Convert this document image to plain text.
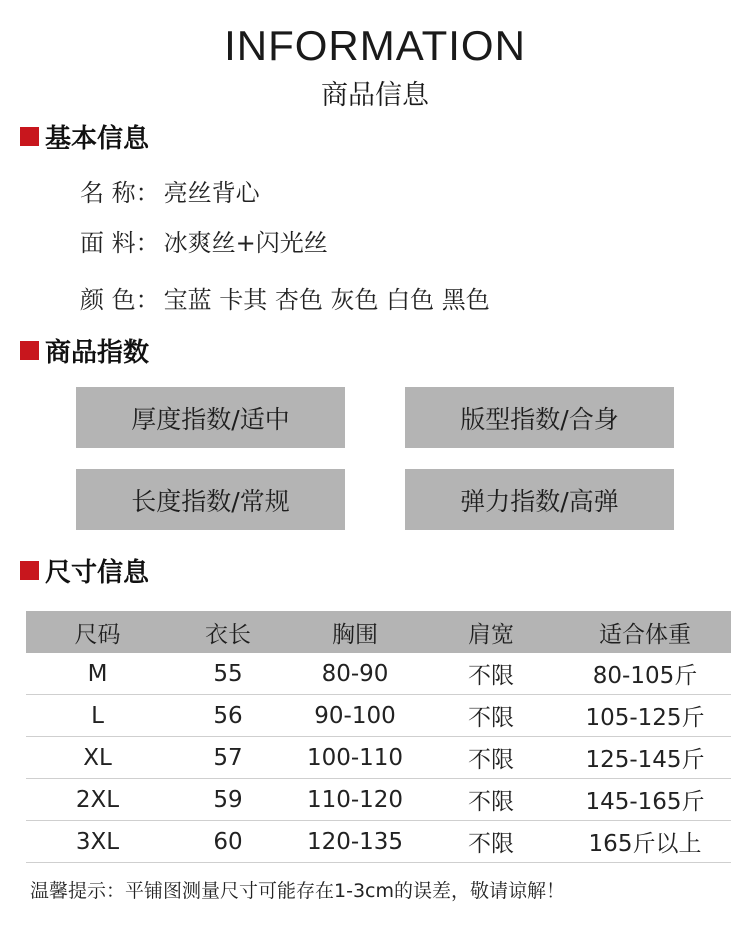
INFORMATION
商品信息
基本信息
名 称： 亮丝背心
面 料： 冰爽丝+闪光丝
颜 色： 宝蓝 卡其 杏色 灰色 白色 黑色
商品指数
厚度指数/适中	版型指数/合身
长度指数/常规	弹力指数/高弹
尺寸信息
尺码	衣长	胸围	肩宽	适合体重
M	55	80-90	不限	80-105斤
L	56	90-100	不限	105-125斤
XL	57	100-110	不限	125-145斤
2XL	59	110-120	不限	145-165斤
3XL	60	120-135	不限	165斤以上
温馨提示：平铺图测量尺寸可能存在1-3cm的误差，敬请谅解！
